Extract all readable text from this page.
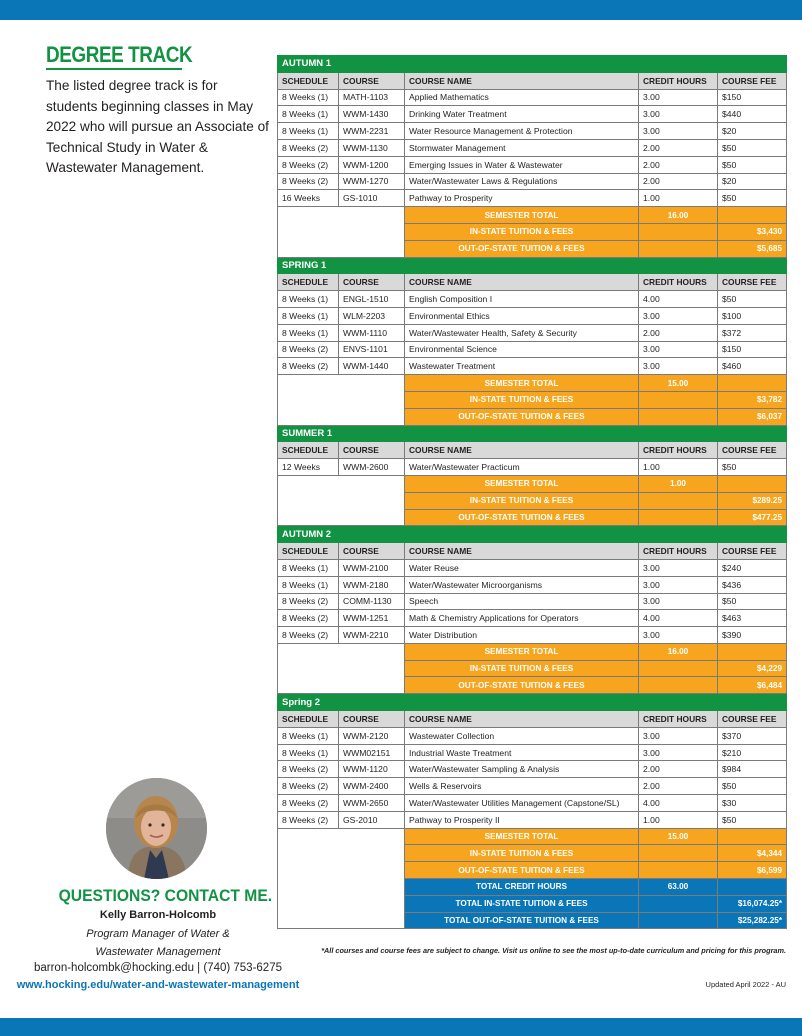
DEGREE TRACK

The listed degree track is for students beginning classes in May 2022 who will pursue an Associate of Technical Study in Water & Wastewater Management.

QUESTIONS? CONTACT ME.
Kelly Barron-Holcomb
Program Manager of Water &
Wastewater Management
barron-holcombk@hocking.edu | (740) 753-6275
www.hocking.edu/water-and-wastewater-management
AUTUMN 1				
SCHEDULE	COURSE	COURSE NAME	CREDIT HOURS	COURSE FEE
8 Weeks (1)	MATH-1103	Applied Mathematics	3.00	$150
8 Weeks (1)	WWM-1430	Drinking Water Treatment	3.00	$440
8 Weeks (1)	WWM-2231	Water Resource Management & Protection	3.00	$20
8 Weeks (2)	WWM-1130	Stormwater Management	2.00	$50
8 Weeks (2)	WWM-1200	Emerging Issues in Water & Wastewater	2.00	$50
8 Weeks (2)	WWM-1270	Water/Wastewater Laws & Regulations	2.00	$20
16 Weeks	GS-1010	Pathway to Prosperity	1.00	$50
		SEMESTER TOTAL	16.00	
		IN-STATE TUITION & FEES		$3,430
		OUT-OF-STATE TUITION & FEES		$5,685
SPRING 1				
SCHEDULE	COURSE	COURSE NAME	CREDIT HOURS	COURSE FEE
8 Weeks (1)	ENGL-1510	English Composition I	4.00	$50
8 Weeks (1)	WLM-2203	Environmental Ethics	3.00	$100
8 Weeks (1)	WWM-1110	Water/Wastewater Health, Safety & Security	2.00	$372
8 Weeks (2)	ENVS-1101	Environmental Science	3.00	$150
8 Weeks (2)	WWM-1440	Wastewater Treatment	3.00	$460
		SEMESTER TOTAL	15.00	
		IN-STATE TUITION & FEES		$3,782
		OUT-OF-STATE TUITION & FEES		$6,037
SUMMER 1				
SCHEDULE	COURSE	COURSE NAME	CREDIT HOURS	COURSE FEE
12 Weeks	WWM-2600	Water/Wastewater Practicum	1.00	$50
		SEMESTER TOTAL	1.00	
		IN-STATE TUITION & FEES		$289.25
		OUT-OF-STATE TUITION & FEES		$477.25
AUTUMN 2				
SCHEDULE	COURSE	COURSE NAME	CREDIT HOURS	COURSE FEE
8 Weeks (1)	WWM-2100	Water Reuse	3.00	$240
8 Weeks (1)	WWM-2180	Water/Wastewater Microorganisms	3.00	$436
8 Weeks (2)	COMM-1130	Speech	3.00	$50
8 Weeks (2)	WWM-1251	Math & Chemistry Applications for Operators	4.00	$463
8 Weeks (2)	WWM-2210	Water Distribution	3.00	$390
		SEMESTER TOTAL	16.00	
		IN-STATE TUITION & FEES		$4,229
		OUT-OF-STATE TUITION & FEES		$6,484
Spring 2				
SCHEDULE	COURSE	COURSE NAME	CREDIT HOURS	COURSE FEE
8 Weeks (1)	WWM-2120	Wastewater Collection	3.00	$370
8 Weeks (1)	WWM02151	Industrial Waste Treatment	3.00	$210
8 Weeks (2)	WWM-1120	Water/Wastewater Sampling & Analysis	2.00	$984
8 Weeks (2)	WWM-2400	Wells & Reservoirs	2.00	$50
8 Weeks (2)	WWM-2650	Water/Wastewater Utilities Management (Capstone/SL)	4.00	$30
8 Weeks (2)	GS-2010	Pathway to Prosperity II	1.00	$50
		SEMESTER TOTAL	15.00	
		IN-STATE TUITION & FEES		$4,344
		OUT-OF-STATE TUITION & FEES		$6,599
		TOTAL CREDIT HOURS	63.00	
		TOTAL IN-STATE TUITION & FEES		$16,074.25*
		TOTAL OUT-OF-STATE TUITION & FEES		$25,282.25*
*All courses and course fees are subject to change. Visit us online to see the most up-to-date curriculum and pricing for this program.
Updated April 2022 - AU
